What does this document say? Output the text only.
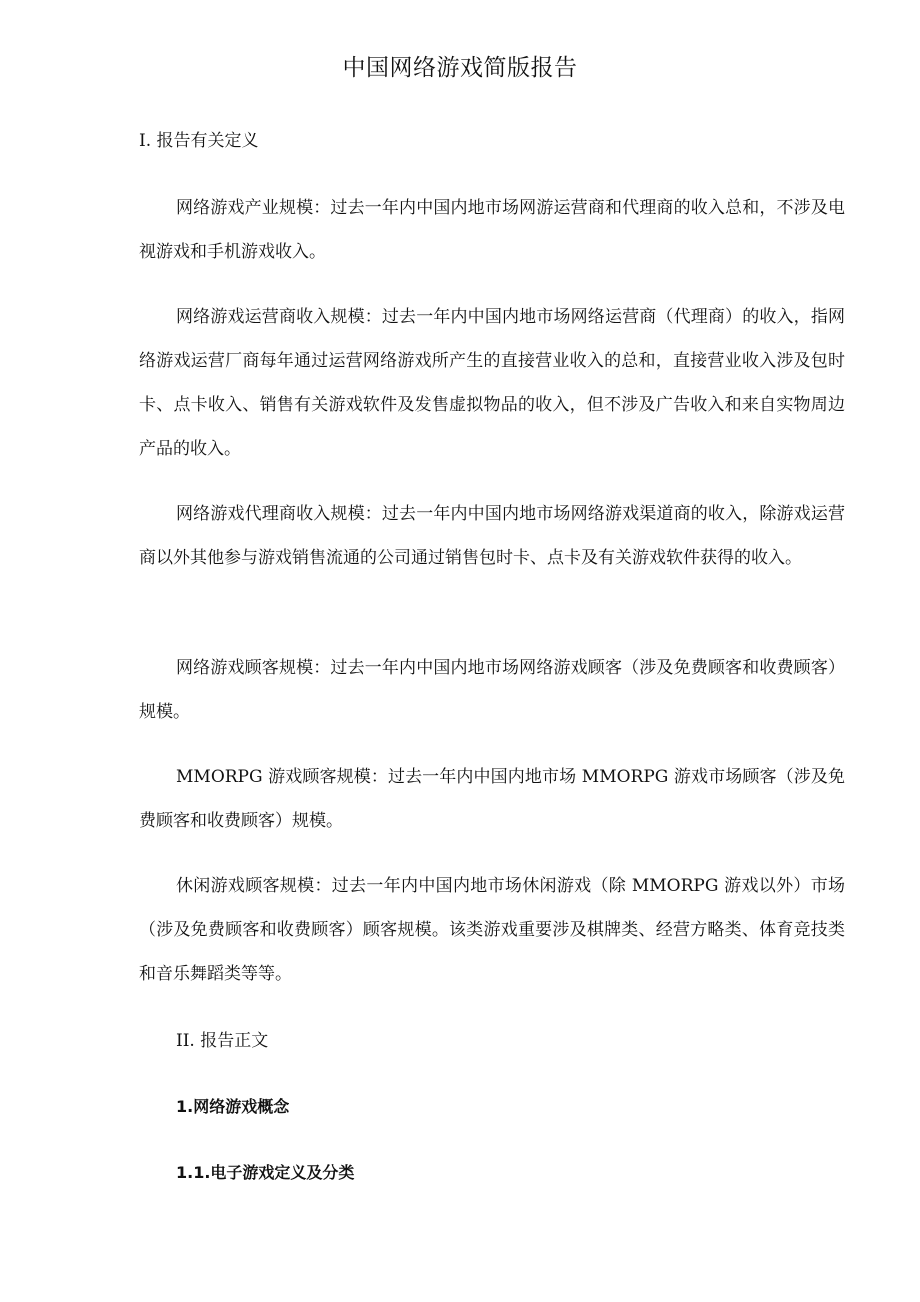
中国网络游戏简版报告
I. 报告有关定义

网络游戏产业规模：过去一年内中国内地市场网游运营商和代理商的收入总和，不涉及电视游戏和手机游戏收入。

网络游戏运营商收入规模：过去一年内中国内地市场网络运营商（代理商）的收入，指网络游戏运营厂商每年通过运营网络游戏所产生的直接营业收入的总和，直接营业收入涉及包时卡、点卡收入、销售有关游戏软件及发售虚拟物品的收入，但不涉及广告收入和来自实物周边产品的收入。

网络游戏代理商收入规模：过去一年内中国内地市场网络游戏渠道商的收入，除游戏运营商以外其他参与游戏销售流通的公司通过销售包时卡、点卡及有关游戏软件获得的收入。

网络游戏顾客规模：过去一年内中国内地市场网络游戏顾客（涉及免费顾客和收费顾客）规模。

MMORPG 游戏顾客规模：过去一年内中国内地市场 MMORPG 游戏市场顾客（涉及免费顾客和收费顾客）规模。

休闲游戏顾客规模：过去一年内中国内地市场休闲游戏（除 MMORPG 游戏以外）市场（涉及免费顾客和收费顾客）顾客规模。该类游戏重要涉及棋牌类、经营方略类、体育竞技类和音乐舞蹈类等等。

II. 报告正文
1.网络游戏概念
1.1.电子游戏定义及分类
